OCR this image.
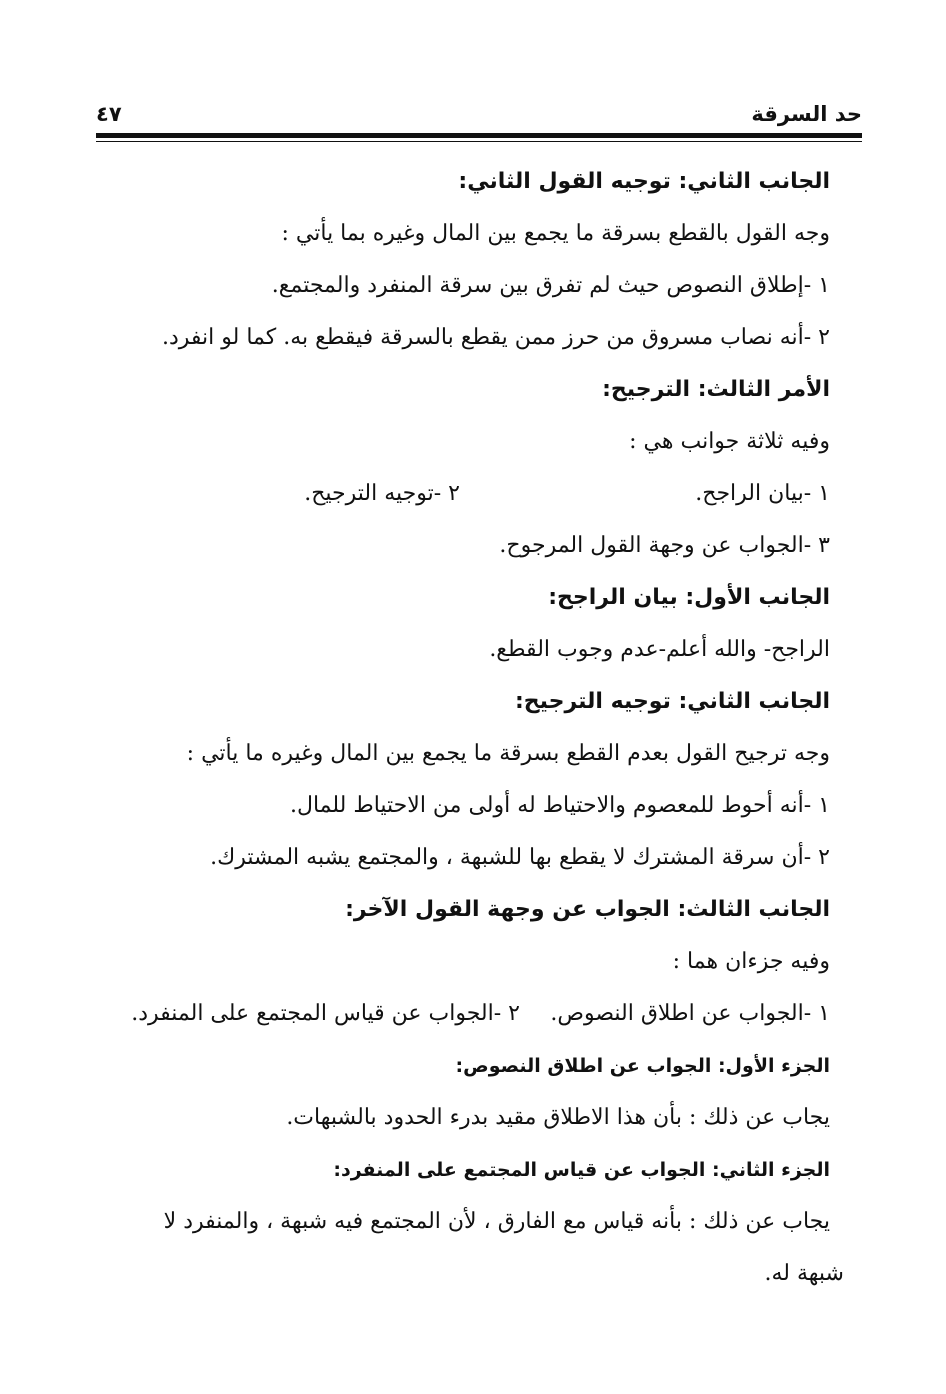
حد السرقة
٤٧
الجانب الثاني: توجيه القول الثاني:
وجه القول بالقطع بسرقة ما يجمع بين المال وغيره بما يأتي :
١ -إطلاق النصوص حيث لم تفرق بين سرقة المنفرد والمجتمع.
٢ -أنه نصاب مسروق من حرز ممن يقطع بالسرقة فيقطع به. كما لو انفرد.
الأمر الثالث: الترجيح:
وفيه ثلاثة جوانب هي :
١ -بيان الراجح.
٢ -توجيه الترجيح.
٣ -الجواب عن وجهة القول المرجوح.
الجانب الأول: بيان الراجح:
الراجح- والله أعلم-عدم وجوب القطع.
الجانب الثاني: توجيه الترجيح:
وجه ترجيح القول بعدم القطع بسرقة ما يجمع بين المال وغيره ما يأتي :
١ -أنه أحوط للمعصوم والاحتياط له أولى من الاحتياط للمال.
٢ -أن سرقة المشترك لا يقطع بها للشبهة ، والمجتمع يشبه المشترك.
الجانب الثالث: الجواب عن وجهة القول الآخر:
وفيه جزءان هما :
١ -الجواب عن اطلاق النصوص.
٢ -الجواب عن قياس المجتمع على المنفرد.
الجزء الأول: الجواب عن اطلاق النصوص:
يجاب عن ذلك : بأن هذا الاطلاق مقيد بدرء الحدود بالشبهات.
الجزء الثاني: الجواب عن قياس المجتمع على المنفرد:
يجاب عن ذلك : بأنه قياس مع الفارق ، لأن المجتمع فيه شبهة ، والمنفرد لا
شبهة له.
